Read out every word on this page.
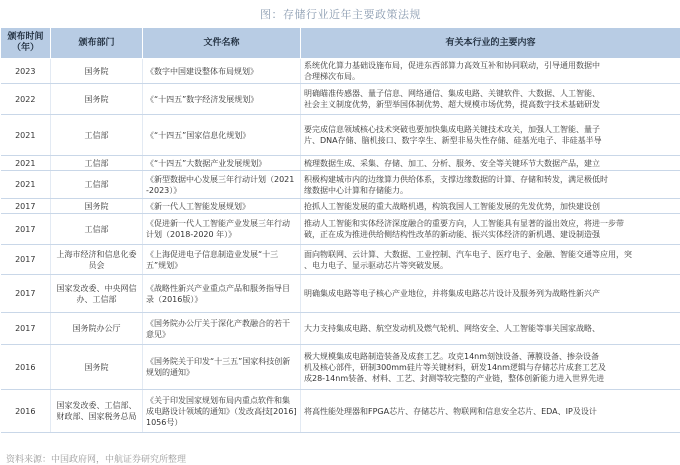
图：存储行业近年主要政策法规
颁布时间（年）	颁布部门	文件名称	有关本行业的主要内容
2023	国务院	《数字中国建设整体布局规划》	系统优化算力基础设施布局，促进东西部算力高效互补和协同联动，引导通用数据中
合理梯次布局。

2022	国务院	《“十四五”数字经济发展规划》	明确瞄准传感器、量子信息、网络通信、集成电路、关键软件、大数据、人工智能、
社会主义制度优势，新型举国体制优势、超大规模市场优势，提高数字技术基础研发

2021	工信部	《“十四五”国家信息化规划》	要完成信息领域核心技术突破也要加快集成电路关键技术攻关，加强人工智能、量子
片、DNA存储、脑机接口、数字孪生、新型非易失性存储、硅基光电子、非硅基半导

2021	工信部	《“十四五”大数据产业发展规划》	梳理数据生成、采集、存储、加工、分析、服务、安全等关键环节大数据产品，建立

2021	工信部	《新型数据中心发展三年行动计划（2021-2023）》	积极构建城市内的边缘算力供给体系，支撑边缘数据的计算、存储和转发，满足极低时
缘数据中心计算和存储能力。

2017	国务院	《新一代人工智能发展规划》	抢抓人工智能发展的重大战略机遇，构筑我国人工智能发展的先发优势，加快建设创

2017	工信部	《促进新一代人工智能产业发展三年行动计划（2018-2020 年）》	推动人工智能和实体经济深度融合的重要方向，人工智能具有显著的溢出效应，将进一步带
破，正在成为推进供给侧结构性改革的新动能、振兴实体经济的新机遇、建设制造强

2017	上海市经济和信息化委员会	《上海促进电子信息制造业发展“十三五”规划》	面向物联网、云计算、大数据、工业控制、汽车电子、医疗电子、金融、智能交通等应用，突
、电力电子、显示驱动芯片等突破发展。

2017	国家发改委、中央网信办、工信部	《战略性新兴产业重点产品和服务指导目录（2016版）》	明确集成电路等电子核心产业地位，并将集成电路芯片设计及服务列为战略性新兴产

2017	国务院办公厅	《国务院办公厅关于深化产教融合的若干意见》	大力支持集成电路、航空发动机及燃气轮机、网络安全、人工智能等事关国家战略、

2016	国务院	《国务院关于印发“十三五”国家科技创新规划的通知》	极大规模集成电路制造装备及成套工艺。攻克14nm刻蚀设备、薄膜设备、掺杂设备
机及核心部件，研制300mm硅片等关键材料，研发14nm逻辑与存储芯片成套工艺及
成28-14nm装备、材料、工艺、封测等较完整的产业链，整体创新能力进入世界先进

2016	国家发改委、工信部、财政部、国家税务总局	《关于印发国家规划布局内重点软件和集成电路设计领域的通知》（发改高技[2016]1056号）	将高性能处理器和FPGA芯片、存储芯片、物联网和信息安全芯片、EDA、IP及设计
资料来源：中国政府网，中航证券研究所整理
